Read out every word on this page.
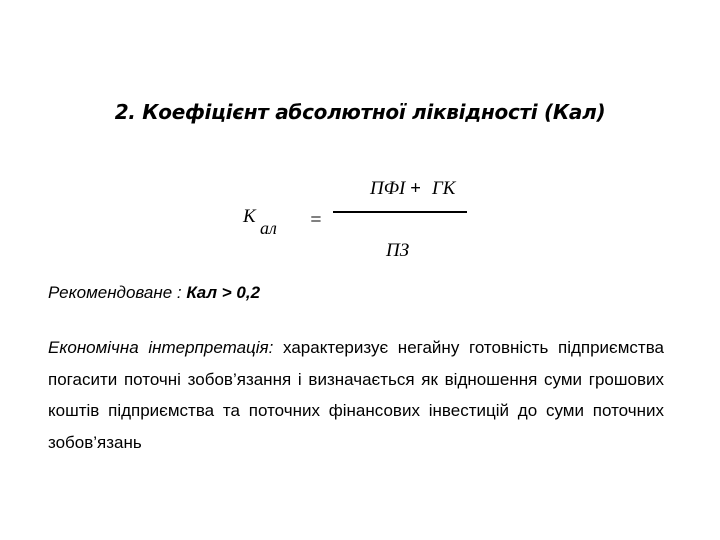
2. Коефіцієнт абсолютної ліквідності (Кал)
К
ал =
ПФІ + ГК
ПЗ
Рекомендоване : Кал > 0,2
Економічна інтерпретація: характеризує негайну готовність підприємства погасити поточні зобов’язання і визначається як відношення суми грошових коштів підприємства та поточних фінансових інвестицій до суми поточних зобов’язань
